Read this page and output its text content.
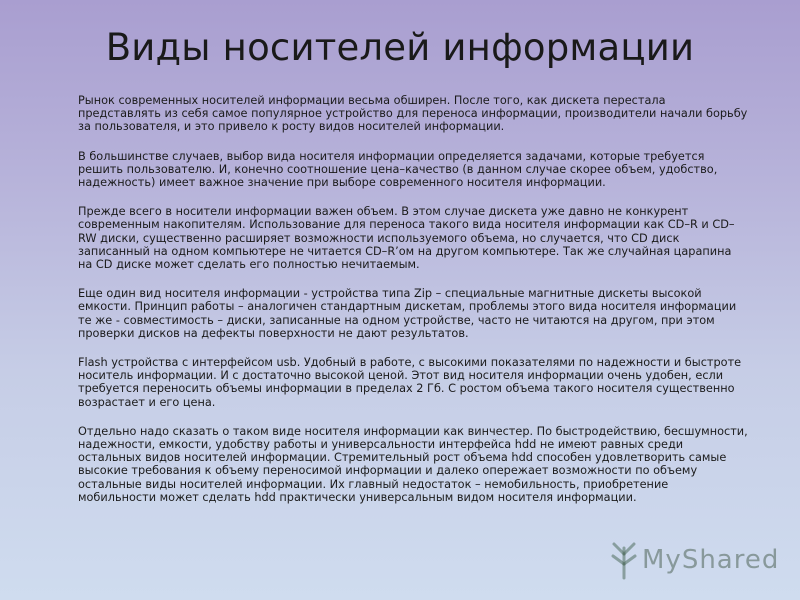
Виды носителей информации

Рынок современных носителей информации весьма обширен. После того, как дискета перестала представлять из себя самое популярное устройство для переноса информации, производители начали борьбу за пользователя, и это привело к росту видов носителей информации.

В большинстве случаев, выбор вида носителя информации определяется задачами, которые требуется решить пользователю. И, конечно соотношение цена–качество (в данном случае скорее объем, удобство, надежность) имеет важное значение при выборе современного носителя информации.

Прежде всего в носители информации важен объем. В этом случае дискета уже давно не конкурент современным накопителям. Использование для переноса такого вида носителя информации как CD–R и CD–RW диски, существенно расширяет возможности используемого объема, но случается, что CD диск записанный на одном компьютере не читается CD–R’ом на другом компьютере. Так же случайная царапина на CD диске может сделать его полностью нечитаемым.

Еще один вид носителя информации - устройства типа Zip – специальные магнитные дискеты высокой емкости. Принцип работы – аналогичен стандартным дискетам, проблемы этого вида носителя информации те же - совместимость – диски, записанные на одном устройстве, часто не читаются на другом, при этом проверки дисков на дефекты поверхности не дают результатов.

Flash устройства с интерфейсом usb. Удобный в работе, с высокими показателями по надежности и быстроте носитель информации. И с достаточно высокой ценой. Этот вид носителя информации очень удобен, если требуется переносить объемы информации в пределах 2 Гб. С ростом объема такого носителя существенно возрастает и его цена.

Отдельно надо сказать о таком виде носителя информации как винчестер. По быстродействию, бесшумности, надежности, емкости, удобству работы и универсальности интерфейса hdd не имеют равных среди остальных видов носителей информации. Стремительный рост объема hdd способен удовлетворить самые высокие требования к объему переносимой информации и далеко опережает возможности по объему остальные виды носителей информации. Их главный недостаток – немобильность, приобретение мобильности может сделать hdd практически универсальным видом носителя информации.

MyShared
